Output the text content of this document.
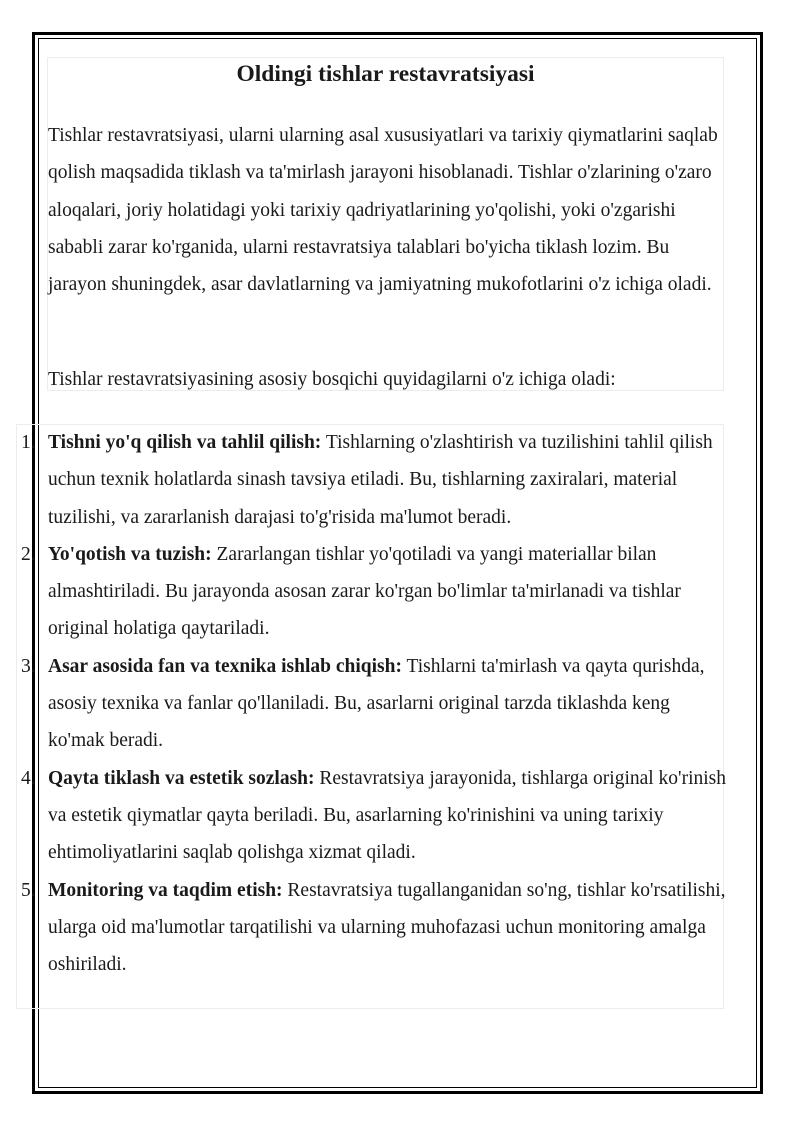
Oldingi tishlar restavratsiyasi

Tishlar restavratsiyasi, ularni ularning asal xususiyatlari va tarixiy qiymatlarini saqlab qolish maqsadida tiklash va ta'mirlash jarayoni hisoblanadi. Tishlar o'zlarining o'zaro aloqalari, joriy holatidagi yoki tarixiy qadriyatlarining yo'qolishi, yoki o'zgarishi sababli zarar ko'rganida, ularni restavratsiya talablari bo'yicha tiklash lozim. Bu jarayon shuningdek, asar davlatlarning va jamiyatning mukofotlarini o'z ichiga oladi.

Tishlar restavratsiyasining asosiy bosqichi quyidagilarni o'z ichiga oladi:

1. Tishni yo'q qilish va tahlil qilish: Tishlarning o'zlashtirish va tuzilishini tahlil qilish uchun texnik holatlarda sinash tavsiya etiladi. Bu, tishlarning zaxiralari, material tuzilishi, va zararlanish darajasi to'g'risida ma'lumot beradi.
2. Yo'qotish va tuzish: Zararlangan tishlar yo'qotiladi va yangi materiallar bilan almashtiriladi. Bu jarayonda asosan zarar ko'rgan bo'limlar ta'mirlanadi va tishlar original holatiga qaytariladi.
3. Asar asosida fan va texnika ishlab chiqish: Tishlarni ta'mirlash va qayta qurishda, asosiy texnika va fanlar qo'llaniladi. Bu, asarlarni original tarzda tiklashda keng ko'mak beradi.
4. Qayta tiklash va estetik sozlash: Restavratsiya jarayonida, tishlarga original ko'rinish va estetik qiymatlar qayta beriladi. Bu, asarlarning ko'rinishini va uning tarixiy ehtimoliyatlarini saqlab qolishga xizmat qiladi.
5. Monitoring va taqdim etish: Restavratsiya tugallanganidan so'ng, tishlar ko'rsatilishi, ularga oid ma'lumotlar tarqatilishi va ularning muhofazasi uchun monitoring amalga oshiriladi.
